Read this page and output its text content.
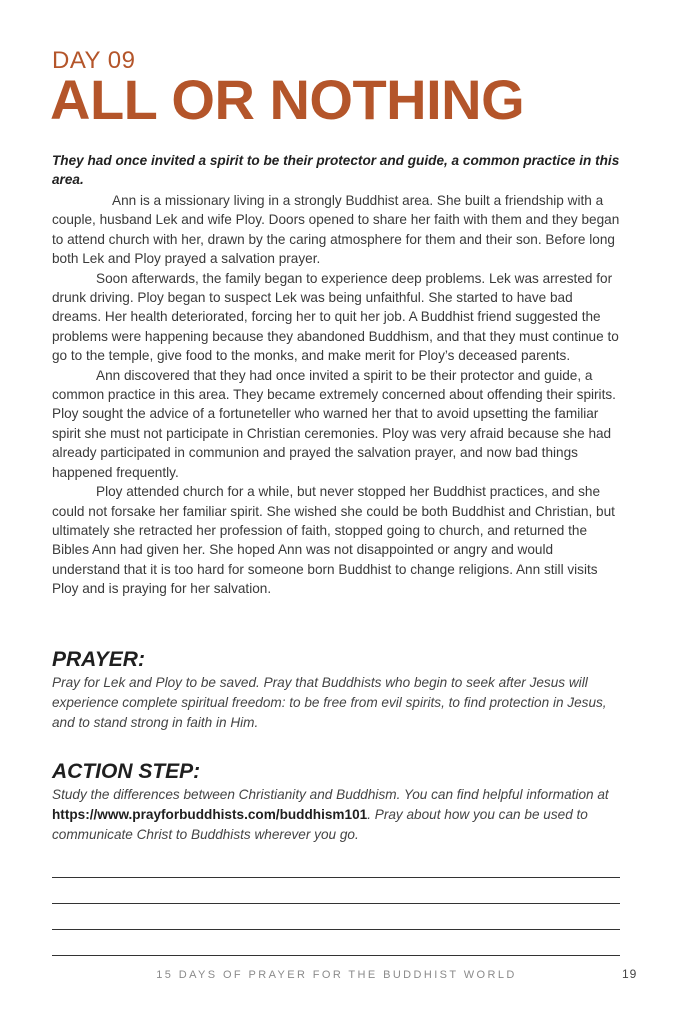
DAY 09
ALL OR NOTHING
They had once invited a spirit to be their protector and guide, a common practice in this area.

Ann is a missionary living in a strongly Buddhist area. She built a friendship with a couple, husband Lek and wife Ploy. Doors opened to share her faith with them and they began to attend church with her, drawn by the caring atmosphere for them and their son. Before long both Lek and Ploy prayed a salvation prayer.

Soon afterwards, the family began to experience deep problems. Lek was arrested for drunk driving. Ploy began to suspect Lek was being unfaithful. She started to have bad dreams. Her health deteriorated, forcing her to quit her job. A Buddhist friend suggested the problems were happening because they abandoned Buddhism, and that they must continue to go to the temple, give food to the monks, and make merit for Ploy’s deceased parents.

Ann discovered that they had once invited a spirit to be their protector and guide, a common practice in this area. They became extremely concerned about offending their spirits. Ploy sought the advice of a fortuneteller who warned her that to avoid upsetting the familiar spirit she must not participate in Christian ceremonies. Ploy was very afraid because she had already participated in communion and prayed the salvation prayer, and now bad things happened frequently.

Ploy attended church for a while, but never stopped her Buddhist practices, and she could not forsake her familiar spirit. She wished she could be both Buddhist and Christian, but ultimately she retracted her profession of faith, stopped going to church, and returned the Bibles Ann had given her. She hoped Ann was not disappointed or angry and would understand that it is too hard for someone born Buddhist to change religions. Ann still visits Ploy and is praying for her salvation.

PRAYER:
Pray for Lek and Ploy to be saved. Pray that Buddhists who begin to seek after Jesus will experience complete spiritual freedom: to be free from evil spirits, to find protection in Jesus, and to stand strong in faith in Him.
ACTION STEP:
Study the differences between Christianity and Buddhism. You can find helpful information at https://www.prayforbuddhists.com/buddhism101. Pray about how you can be used to communicate Christ to Buddhists wherever you go.
15 DAYS OF PRAYER FOR THE BUDDHIST WORLD	19
